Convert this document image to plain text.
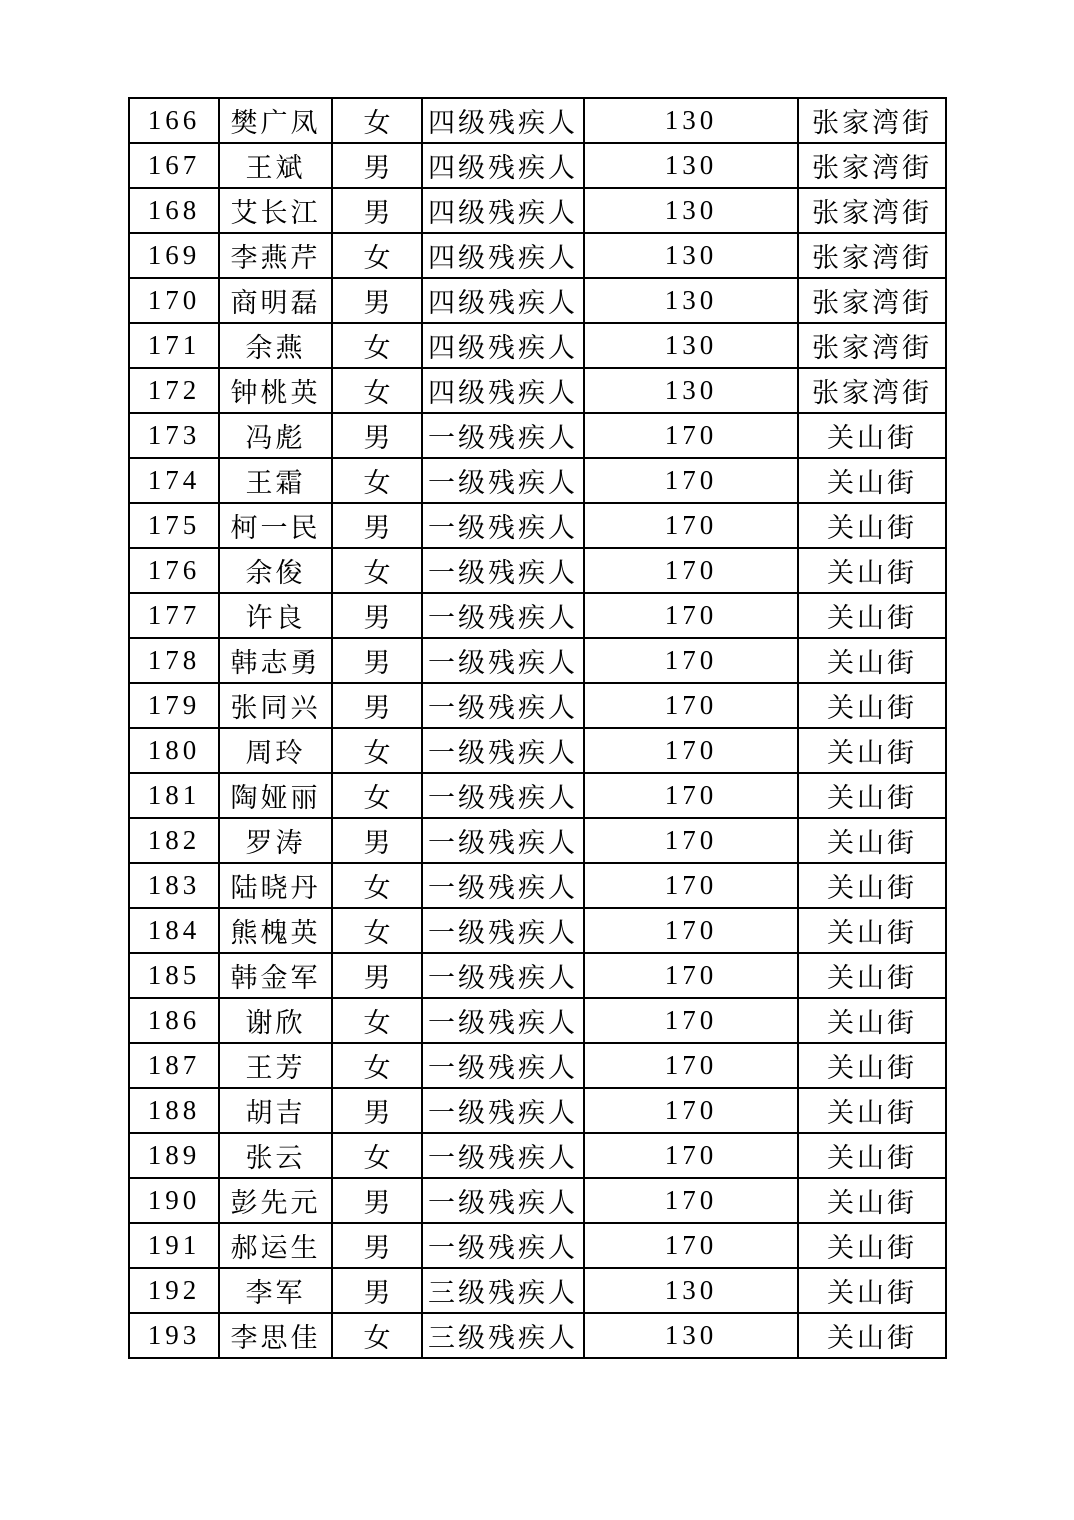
166	樊广凤	女	四级残疾人	130	张家湾街
167	王斌	男	四级残疾人	130	张家湾街
168	艾长江	男	四级残疾人	130	张家湾街
169	李燕芹	女	四级残疾人	130	张家湾街
170	商明磊	男	四级残疾人	130	张家湾街
171	余燕	女	四级残疾人	130	张家湾街
172	钟桃英	女	四级残疾人	130	张家湾街
173	冯彪	男	一级残疾人	170	关山街
174	王霜	女	一级残疾人	170	关山街
175	柯一民	男	一级残疾人	170	关山街
176	余俊	女	一级残疾人	170	关山街
177	许良	男	一级残疾人	170	关山街
178	韩志勇	男	一级残疾人	170	关山街
179	张同兴	男	一级残疾人	170	关山街
180	周玲	女	一级残疾人	170	关山街
181	陶娅丽	女	一级残疾人	170	关山街
182	罗涛	男	一级残疾人	170	关山街
183	陆晓丹	女	一级残疾人	170	关山街
184	熊槐英	女	一级残疾人	170	关山街
185	韩金军	男	一级残疾人	170	关山街
186	谢欣	女	一级残疾人	170	关山街
187	王芳	女	一级残疾人	170	关山街
188	胡吉	男	一级残疾人	170	关山街
189	张云	女	一级残疾人	170	关山街
190	彭先元	男	一级残疾人	170	关山街
191	郝运生	男	一级残疾人	170	关山街
192	李军	男	三级残疾人	130	关山街
193	李思佳	女	三级残疾人	130	关山街
